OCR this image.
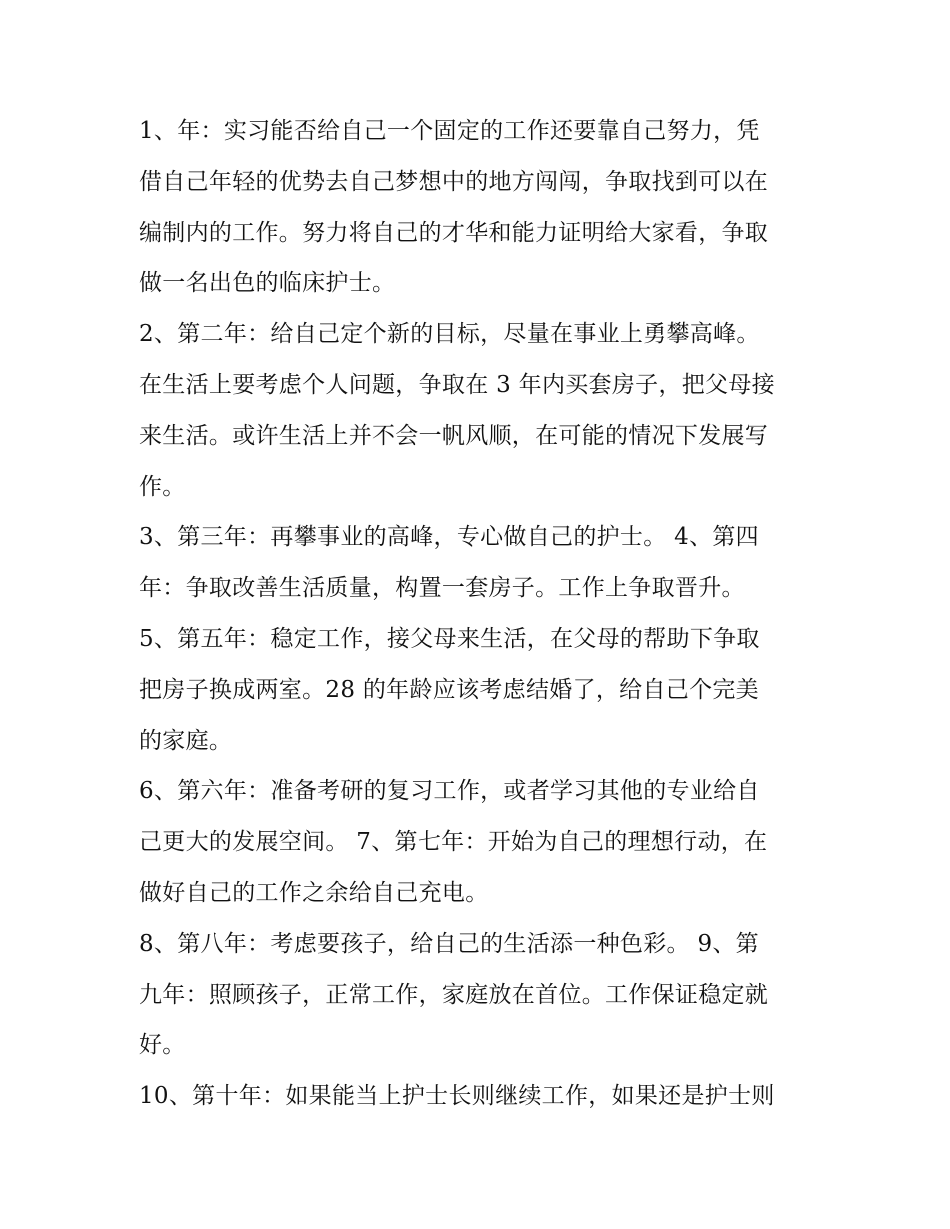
1、年：实习能否给自己一个固定的工作还要靠自己努力，凭
借自己年轻的优势去自己梦想中的地方闯闯，争取找到可以在
编制内的工作。努力将自己的才华和能力证明给大家看，争取
做一名出色的临床护士。

2、第二年：给自己定个新的目标，尽量在事业上勇攀高峰。
在生活上要考虑个人问题，争取在 3 年内买套房子，把父母接
来生活。或许生活上并不会一帆风顺，在可能的情况下发展写
作。

3、第三年：再攀事业的高峰，专心做自己的护士。 4、第四
年：争取改善生活质量，构置一套房子。工作上争取晋升。

5、第五年：稳定工作，接父母来生活，在父母的帮助下争取
把房子换成两室。28 的年龄应该考虑结婚了，给自己个完美
的家庭。

6、第六年：准备考研的复习工作，或者学习其他的专业给自
己更大的发展空间。 7、第七年：开始为自己的理想行动，在
做好自己的工作之余给自己充电。

8、第八年：考虑要孩子，给自己的生活添一种色彩。 9、第
九年：照顾孩子，正常工作，家庭放在首位。工作保证稳定就
好。

10、第十年：如果能当上护士长则继续工作，如果还是护士则
